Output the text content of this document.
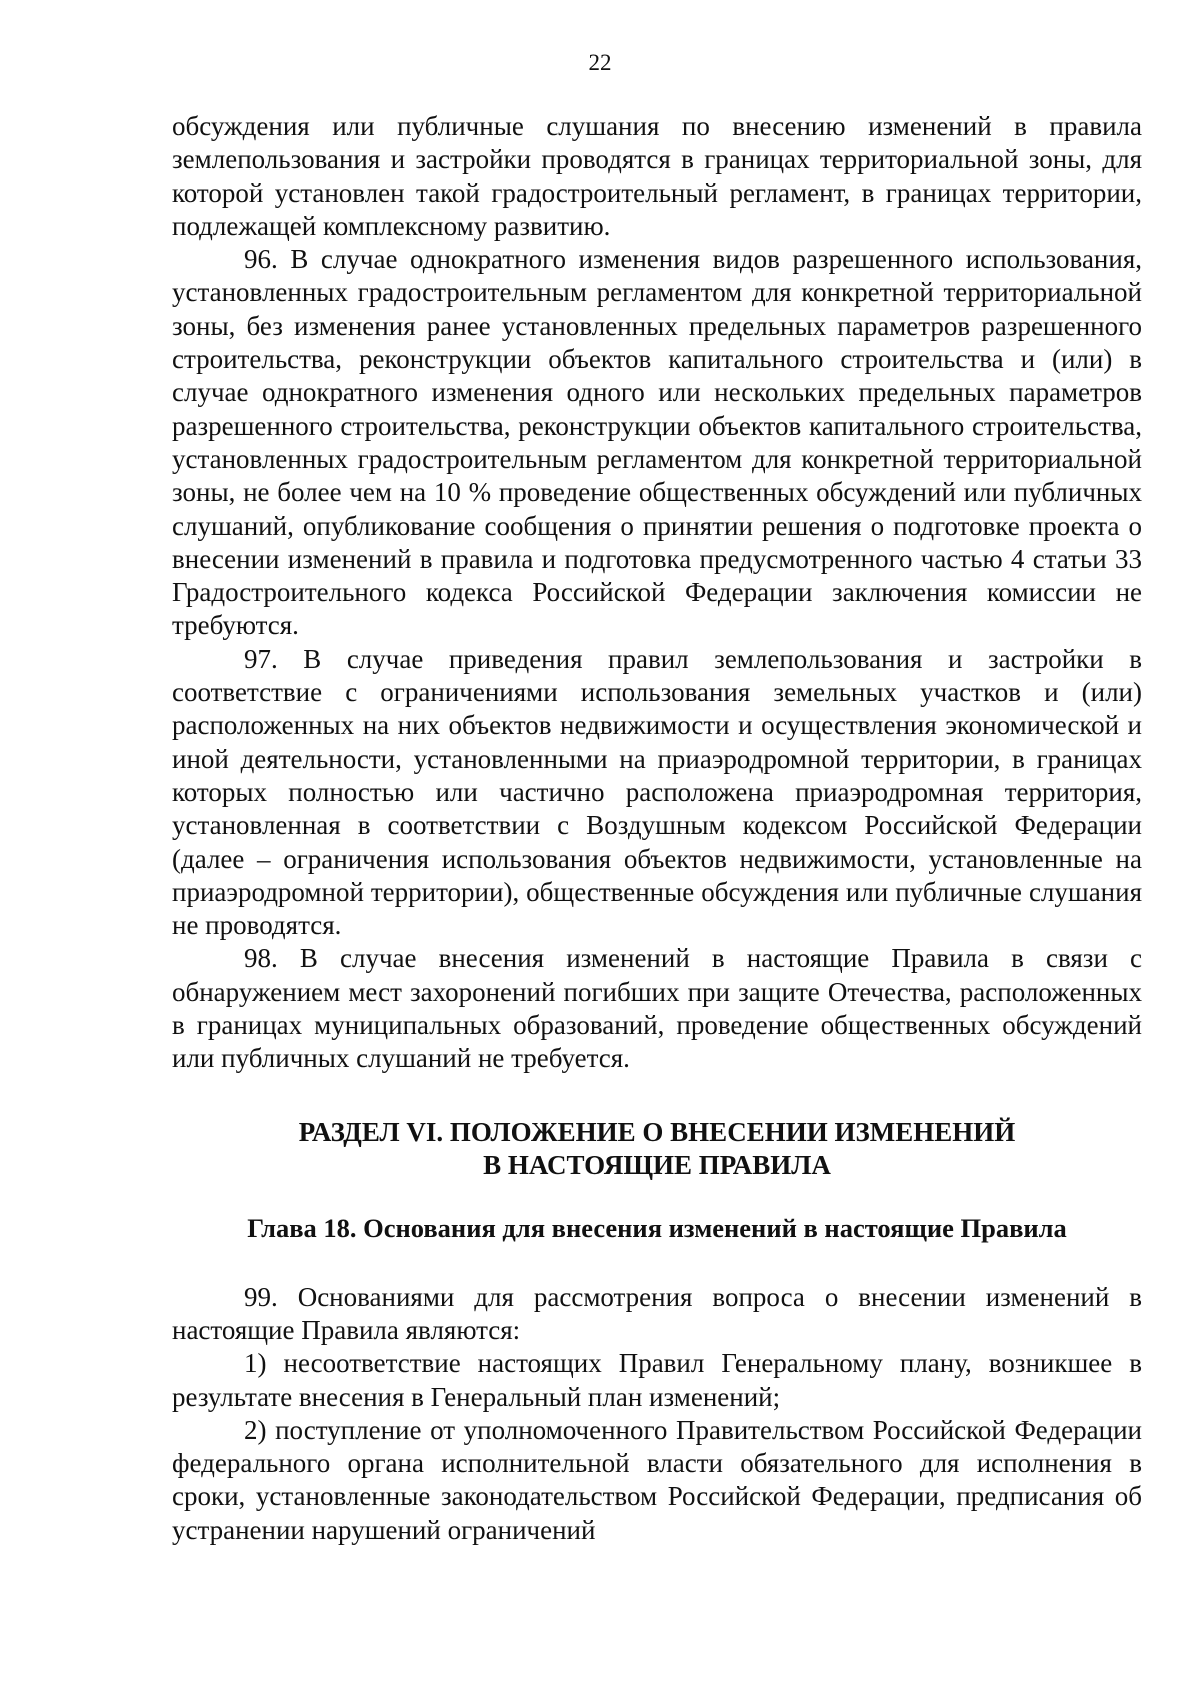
22

обсуждения или публичные слушания по внесению изменений в правила землепользования и застройки проводятся в границах территориальной зоны, для которой установлен такой градостроительный регламент, в границах территории, подлежащей комплексному развитию.

96. В случае однократного изменения видов разрешенного использования, установленных градостроительным регламентом для конкретной территориальной зоны, без изменения ранее установленных предельных параметров разрешенного строительства, реконструкции объектов капитального строительства и (или) в случае однократного изменения одного или нескольких предельных параметров разрешенного строительства, реконструкции объектов капитального строительства, установленных градостроительным регламентом для конкретной территориальной зоны, не более чем на 10 % проведение общественных обсуждений или публичных слушаний, опубликование сообщения о принятии решения о подготовке проекта о внесении изменений в правила и подготовка предусмотренного частью 4 статьи 33 Градостроительного кодекса Российской Федерации заключения комиссии не требуются.

97. В случае приведения правил землепользования и застройки в соответствие с ограничениями использования земельных участков и (или) расположенных на них объектов недвижимости и осуществления экономической и иной деятельности, установленными на приаэродромной территории, в границах которых полностью или частично расположена приаэродромная территория, установленная в соответствии с Воздушным кодексом Российской Федерации (далее – ограничения использования объектов недвижимости, установленные на приаэродромной территории), общественные обсуждения или публичные слушания не проводятся.

98. В случае внесения изменений в настоящие Правила в связи с обнаружением мест захоронений погибших при защите Отечества, расположенных в границах муниципальных образований, проведение общественных обсуждений или публичных слушаний не требуется.

РАЗДЕЛ VI. ПОЛОЖЕНИЕ О ВНЕСЕНИИ ИЗМЕНЕНИЙ
В НАСТОЯЩИЕ ПРАВИЛА
Глава 18. Основания для внесения изменений в настоящие Правила

99. Основаниями для рассмотрения вопроса о внесении изменений в настоящие Правила являются:

1) несоответствие настоящих Правил Генеральному плану, возникшее в результате внесения в Генеральный план изменений;

2) поступление от уполномоченного Правительством Российской Федерации федерального органа исполнительной власти обязательного для исполнения в сроки, установленные законодательством Российской Федерации, предписания об устранении нарушений ограничений
